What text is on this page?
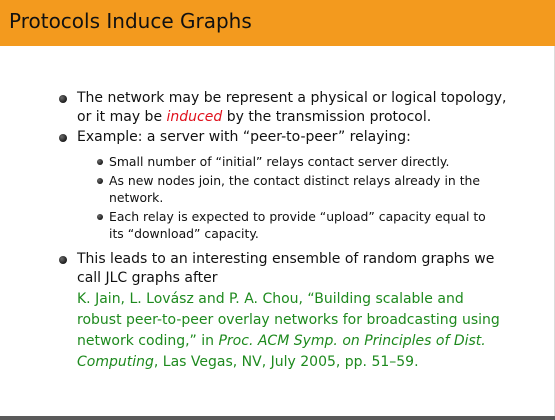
Protocols Induce Graphs
The network may be represent a physical or logical topology,
or it may be induced by the transmission protocol.
Example: a server with “peer-to-peer” relaying:
Small number of “initial” relays contact server directly.
As new nodes join, the contact distinct relays already in the
network.
Each relay is expected to provide “upload” capacity equal to
its “download” capacity.
This leads to an interesting ensemble of random graphs we
call JLC graphs after
K. Jain, L. Lovász and P. A. Chou, “Building scalable and
robust peer-to-peer overlay networks for broadcasting using
network coding,” in Proc. ACM Symp. on Principles of Dist.
Computing, Las Vegas, NV, July 2005, pp. 51–59.
